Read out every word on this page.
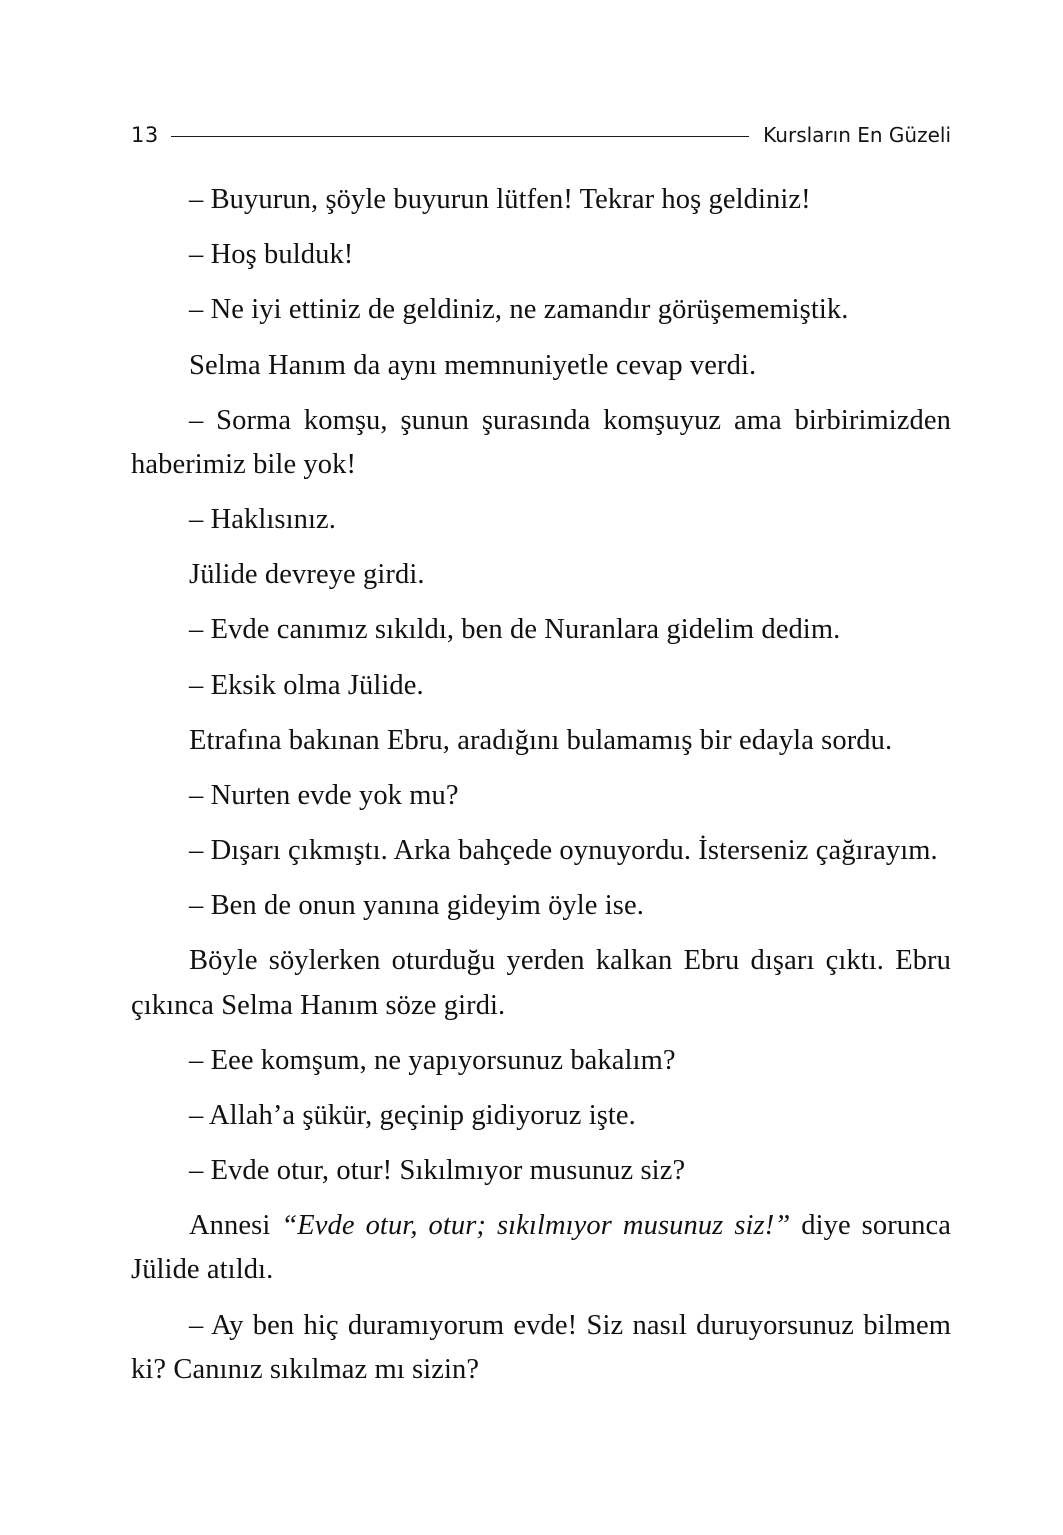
13	Kursların En Güzeli

– Buyurun, şöyle buyurun lütfen! Tekrar hoş geldiniz!

– Hoş bulduk!

– Ne iyi ettiniz de geldiniz, ne zamandır görüşememiştik.

Selma Hanım da aynı memnuniyetle cevap verdi.

– Sorma komşu, şunun şurasında komşuyuz ama birbirimizden haberimiz bile yok!

– Haklısınız.

Jülide devreye girdi.

– Evde canımız sıkıldı, ben de Nuranlara gidelim dedim.

– Eksik olma Jülide.

Etrafına bakınan Ebru, aradığını bulamamış bir edayla sordu.

– Nurten evde yok mu?

– Dışarı çıkmıştı. Arka bahçede oynuyordu. İsterseniz çağırayım.

– Ben de onun yanına gideyim öyle ise.

Böyle söylerken oturduğu yerden kalkan Ebru dışarı çıktı. Ebru çıkınca Selma Hanım söze girdi.

– Eee komşum, ne yapıyorsunuz bakalım?

– Allah’a şükür, geçinip gidiyoruz işte.

– Evde otur, otur! Sıkılmıyor musunuz siz?

Annesi “Evde otur, otur; sıkılmıyor musunuz siz!” diye sorunca Jülide atıldı.

– Ay ben hiç duramıyorum evde! Siz nasıl duruyorsunuz bilmem ki? Canınız sıkılmaz mı sizin?
